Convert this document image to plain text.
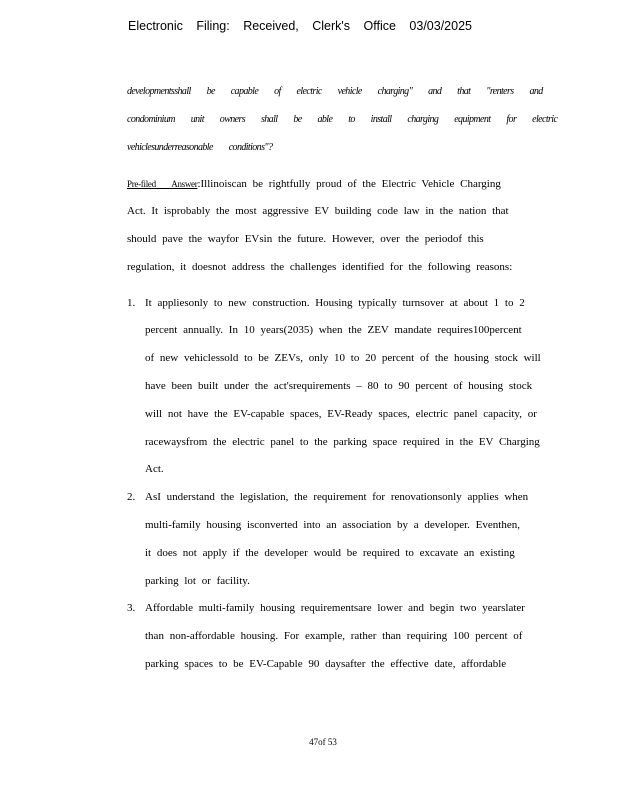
Electronic Filing: Received, Clerk's Office 03/03/2025
developmentsshall be capable of electric vehicle charging" and that "renters and
condominium unit owners shall be able to install charging equipment for electric
vehiclesunderreasonable conditions"?
Pre-filed Answer:Illinoiscan be rightfully proud of the Electric Vehicle Charging
Act. It isprobably the most aggressive EV building code law in the nation that
should pave the wayfor EVsin the future. However, over the periodof this
regulation, it doesnot address the challenges identified for the following reasons:
1. It appliesonly to new construction. Housing typically turnsover at about 1 to 2
percent annually. In 10 years(2035) when the ZEV mandate requires100percent
of new vehiclessold to be ZEVs, only 10 to 20 percent of the housing stock will
have been built under the act'srequirements – 80 to 90 percent of housing stock
will not have the EV-capable spaces, EV-Ready spaces, electric panel capacity, or
racewaysfrom the electric panel to the parking space required in the EV Charging
Act.
2. AsI understand the legislation, the requirement for renovationsonly applies when
multi-family housing isconverted into an association by a developer. Eventhen,
it does not apply if the developer would be required to excavate an existing
parking lot or facility.
3. Affordable multi-family housing requirementsare lower and begin two yearslater
than non-affordable housing. For example, rather than requiring 100 percent of
parking spaces to be EV-Capable 90 daysafter the effective date, affordable
47of 53
